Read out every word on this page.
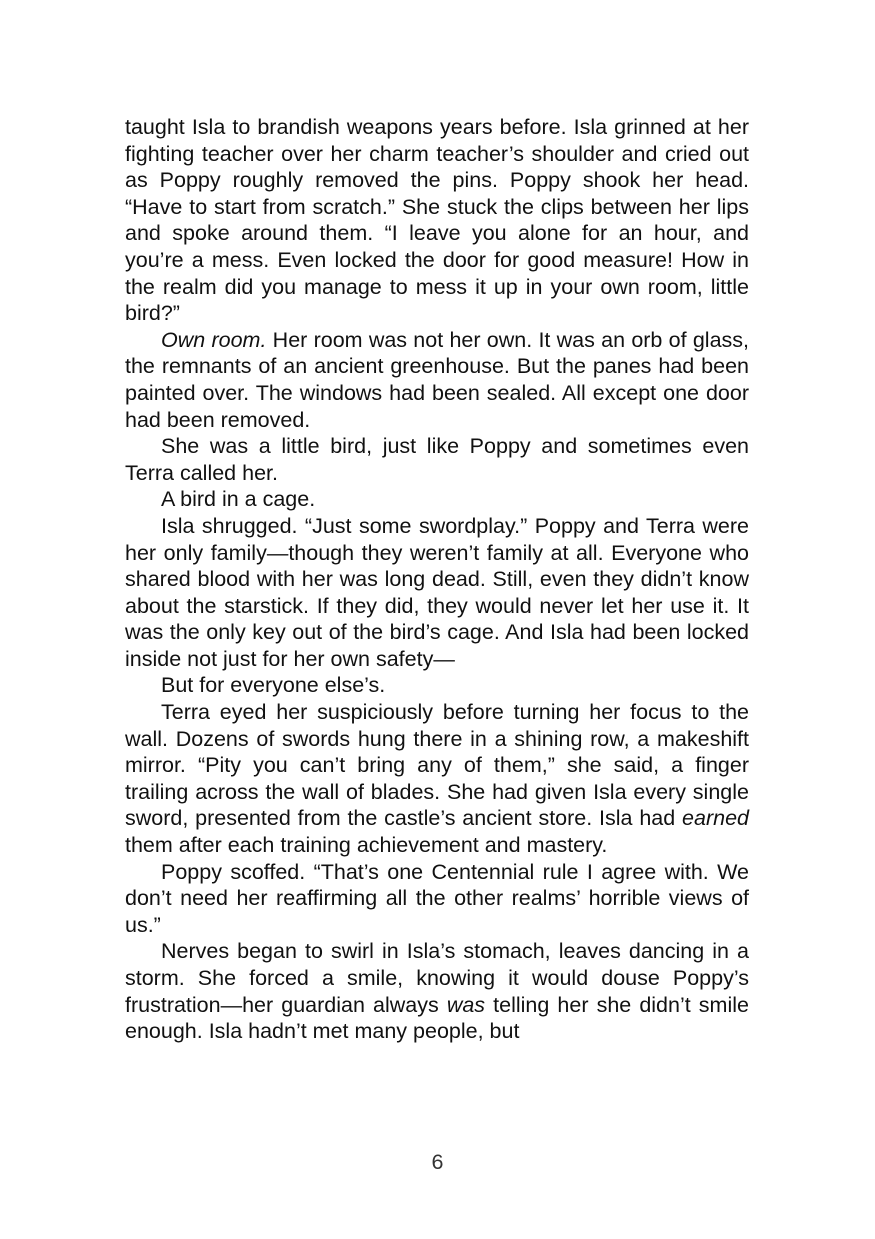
taught Isla to brandish weapons years before. Isla grinned at her fighting teacher over her charm teacher’s shoulder and cried out as Poppy roughly removed the pins. Poppy shook her head. “Have to start from scratch.” She stuck the clips between her lips and spoke around them. “I leave you alone for an hour, and you’re a mess. Even locked the door for good measure! How in the realm did you manage to mess it up in your own room, little bird?”

Own room. Her room was not her own. It was an orb of glass, the remnants of an ancient greenhouse. But the panes had been painted over. The windows had been sealed. All except one door had been removed.

She was a little bird, just like Poppy and sometimes even Terra called her.

A bird in a cage.

Isla shrugged. “Just some swordplay.” Poppy and Terra were her only family—though they weren’t family at all. Everyone who shared blood with her was long dead. Still, even they didn’t know about the starstick. If they did, they would never let her use it. It was the only key out of the bird’s cage. And Isla had been locked inside not just for her own safety—

But for everyone else’s.

Terra eyed her suspiciously before turning her focus to the wall. Dozens of swords hung there in a shining row, a makeshift mirror. “Pity you can’t bring any of them,” she said, a finger trailing across the wall of blades. She had given Isla every single sword, presented from the castle’s ancient store. Isla had earned them after each training achievement and mastery.

Poppy scoffed. “That’s one Centennial rule I agree with. We don’t need her reaffirming all the other realms’ horrible views of us.”

Nerves began to swirl in Isla’s stomach, leaves dancing in a storm. She forced a smile, knowing it would douse Poppy’s frustration—her guardian always was telling her she didn’t smile enough. Isla hadn’t met many people, but

6
